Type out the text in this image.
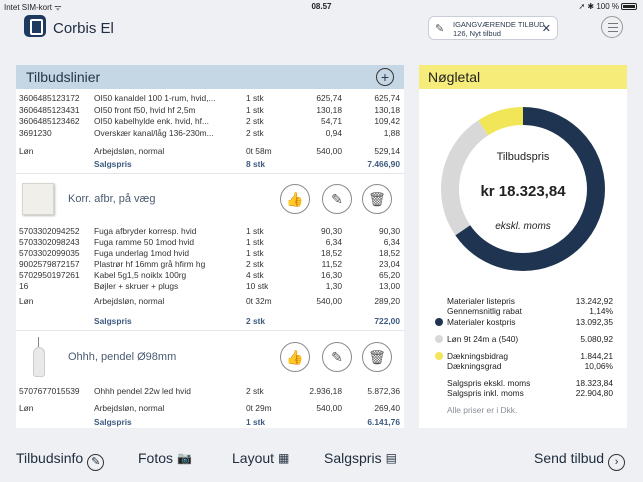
Intet SIM-kort ᯤ	08.57	➚ ✱ 100 %
Corbis El	✎ IGANGVÆRENDE TILBUD
126, Nyt tilbud	✕
Tilbudslinier	+
3606485123172	OI50 kanaldel 100 1-rum, hvid,...	1 stk	625,74	625,74
3606485123431	OI50 front f50, hvid hf 2,5m	1 stk	130,18	130,18
3606485123462	OI50 kabelhylde enk. hvid, hf...	2 stk	54,71	109,42
3691230	Overskær kanal/låg 136-230m...	2 stk	0,94	1,88
Løn	Arbejdsløn, normal	0t 58m	540,00	529,14
Salgspris	8 stk	7.466,90
Korr. afbr, på væg	👍	✎	🗑
5703302094252	Fuga afbryder korresp. hvid	1 stk	90,30	90,30
5703302098243	Fuga ramme 50 1mod hvid	1 stk	6,34	6,34
5703302099035	Fuga underlag 1mod hvid	1 stk	18,52	18,52
9002579872157	Plastrør hf 16mm grå hfirm hg	2 stk	11,52	23,04
5702950197261	Kabel 5g1,5 noiklx 100rg	4 stk	16,30	65,20
16	Bøjler + skruer + plugs	10 stk	1,30	13,00
Løn	Arbejdsløn, normal	0t 32m	540,00	289,20
Salgspris	2 stk	722,00
Ohhh, pendel Ø98mm	👍	✎	🗑
5707677015539	Ohhh pendel 22w led hvid	2 stk	2.936,18	5.872,36
Løn	Arbejdsløn, normal	0t 29m	540,00	269,40
Salgspris	1 stk	6.141,76
Nøgletal
Tilbudspris
kr 18.323,84
ekskl. moms
Materialer listepris	13.242,92
Gennemsnitlig rabat	1,14%
Materialer kostpris	13.092,35
Løn 9t 24m a (540)	5.080,92
Dækningsbidrag	1.844,21
Dækningsgrad	10,06%
Salgspris ekskl. moms	18.323,84
Salgspris inkl. moms	22.904,80
Alle priser er i Dkk.
Tilbudsinfo ✎	Fotos 📷	Layout ▦ Salgspris ▤	Send tilbud ›
